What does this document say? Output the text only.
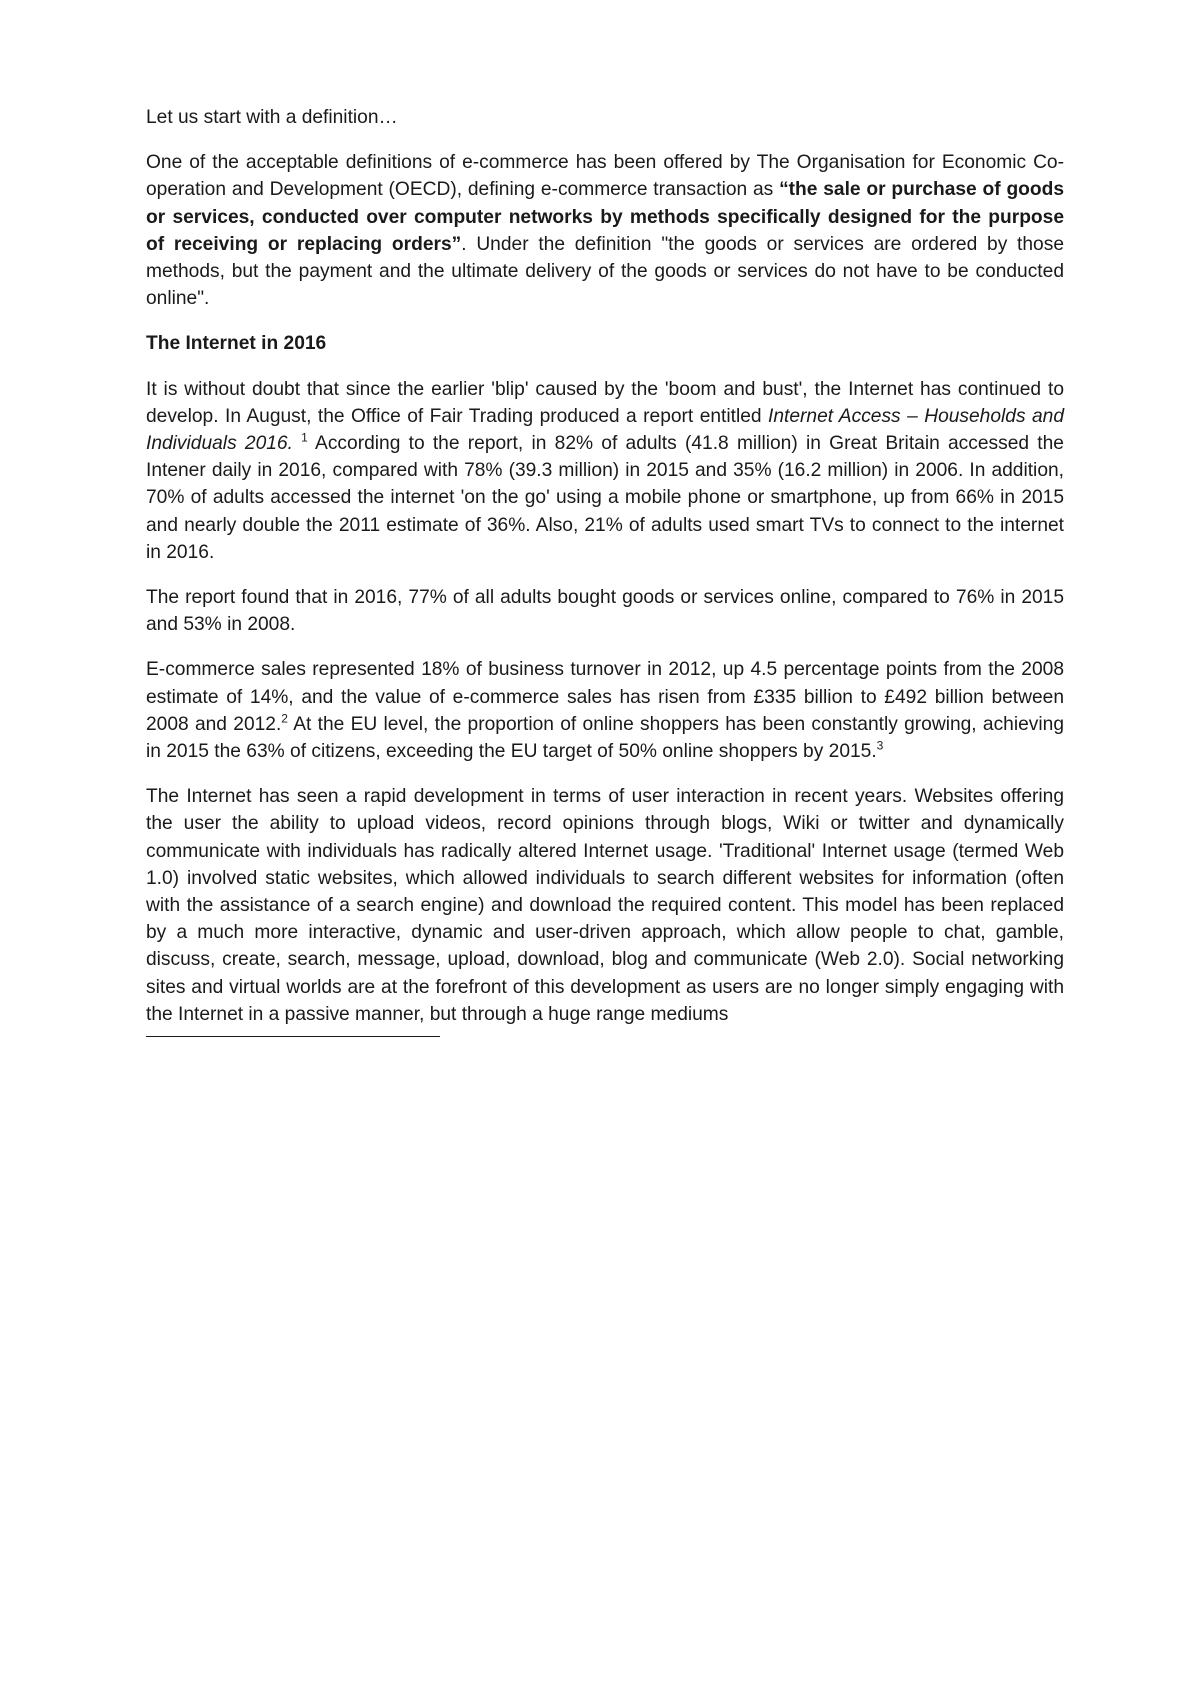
Let us start with a definition…

One of the acceptable definitions of e-commerce has been offered by The Organisation for Economic Co-operation and Development (OECD), defining e-commerce transaction as “the sale or purchase of goods or services, conducted over computer networks by methods specifically designed for the purpose of receiving or replacing orders”. Under the definition "the goods or services are ordered by those methods, but the payment and the ultimate delivery of the goods or services do not have to be conducted online".

The Internet in 2016

It is without doubt that since the earlier 'blip' caused by the 'boom and bust', the Internet has continued to develop. In August, the Office of Fair Trading produced a report entitled Internet Access – Households and Individuals 2016. $^1$ According to the report, in 82% of adults (41.8 million) in Great Britain accessed the Intener daily in 2016, compared with 78% (39.3 million) in 2015 and 35% (16.2 million) in 2006. In addition, 70% of adults accessed the internet 'on the go' using a mobile phone or smartphone, up from 66% in 2015 and nearly double the 2011 estimate of 36%. Also, 21% of adults used smart TVs to connect to the internet in 2016.

The report found that in 2016, 77% of all adults bought goods or services online, compared to 76% in 2015 and 53% in 2008.

E-commerce sales represented 18% of business turnover in 2012, up 4.5 percentage points from the 2008 estimate of 14%, and the value of e-commerce sales has risen from £335 billion to £492 billion between 2008 and 2012.$^2$ At the EU level, the proportion of online shoppers has been constantly growing, achieving in 2015 the 63% of citizens, exceeding the EU target of 50% online shoppers by 2015.$^3$

The Internet has seen a rapid development in terms of user interaction in recent years. Websites offering the user the ability to upload videos, record opinions through blogs, Wiki or twitter and dynamically communicate with individuals has radically altered Internet usage. 'Traditional' Internet usage (termed Web 1.0) involved static websites, which allowed individuals to search different websites for information (often with the assistance of a search engine) and download the required content. This model has been replaced by a much more interactive, dynamic and user-driven approach, which allow people to chat, gamble, discuss, create, search, message, upload, download, blog and communicate (Web 2.0). Social networking sites and virtual worlds are at the forefront of this development as users are no longer simply engaging with the Internet in a passive manner, but through a huge range mediums
